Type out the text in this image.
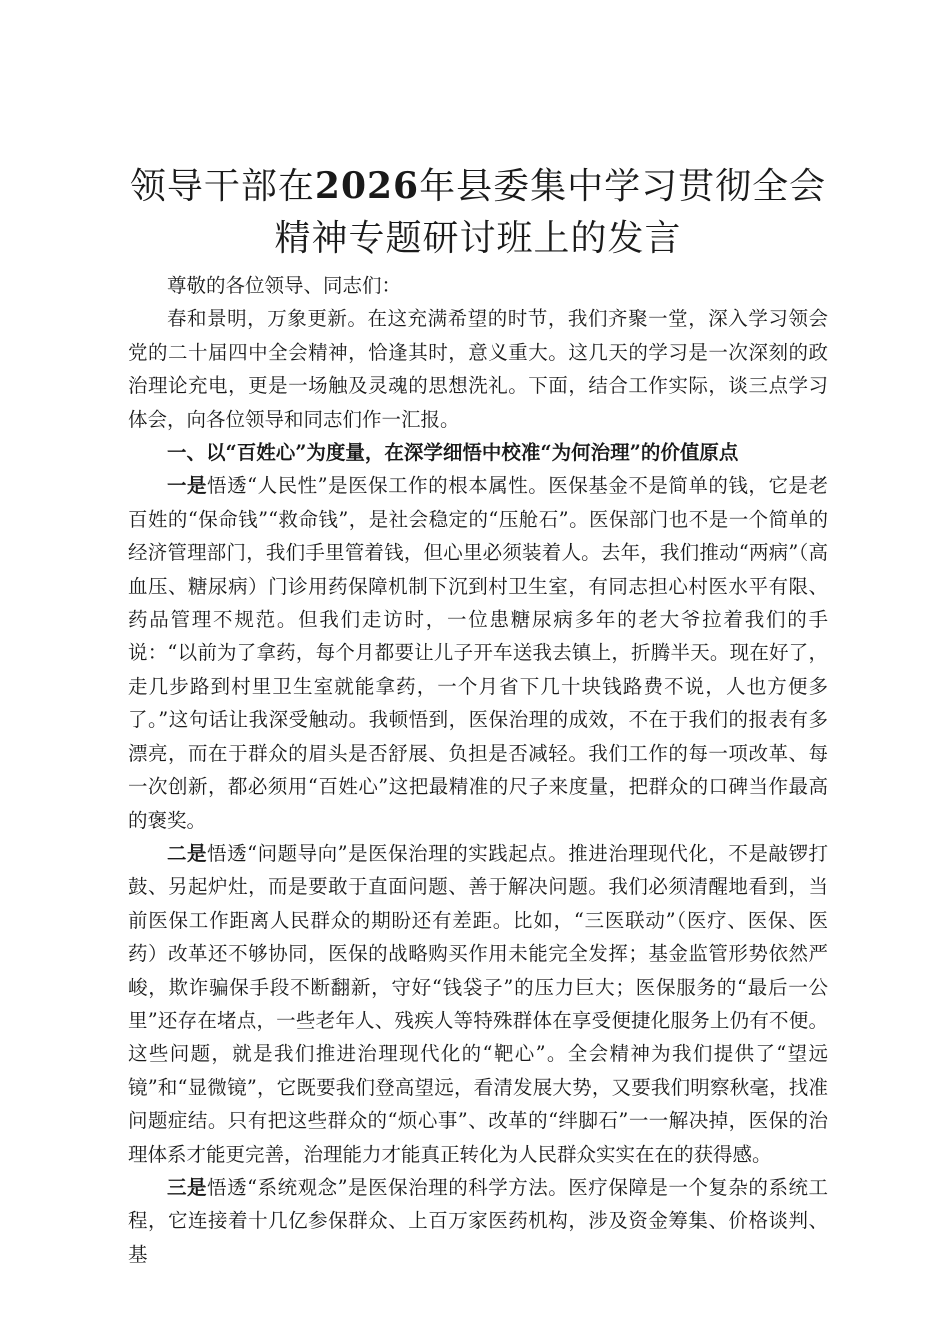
领导干部在2026年县委集中学习贯彻全会精神专题研讨班上的发言

尊敬的各位领导、同志们：

春和景明，万象更新。在这充满希望的时节，我们齐聚一堂，深入学习领会党的二十届四中全会精神，恰逢其时，意义重大。这几天的学习是一次深刻的政治理论充电，更是一场触及灵魂的思想洗礼。下面，结合工作实际，谈三点学习体会，向各位领导和同志们作一汇报。

一、以“百姓心”为度量，在深学细悟中校准“为何治理”的价值原点

一是悟透“人民性”是医保工作的根本属性。医保基金不是简单的钱，它是老百姓的“保命钱”“救命钱”，是社会稳定的“压舱石”。医保部门也不是一个简单的经济管理部门，我们手里管着钱，但心里必须装着人。去年，我们推动“两病”（高血压、糖尿病）门诊用药保障机制下沉到村卫生室，有同志担心村医水平有限、药品管理不规范。但我们走访时，一位患糖尿病多年的老大爷拉着我们的手说：“以前为了拿药，每个月都要让儿子开车送我去镇上，折腾半天。现在好了，走几步路到村里卫生室就能拿药，一个月省下几十块钱路费不说，人也方便多了。”这句话让我深受触动。我顿悟到，医保治理的成效，不在于我们的报表有多漂亮，而在于群众的眉头是否舒展、负担是否减轻。我们工作的每一项改革、每一次创新，都必须用“百姓心”这把最精准的尺子来度量，把群众的口碑当作最高的褒奖。

二是悟透“问题导向”是医保治理的实践起点。推进治理现代化，不是敲锣打鼓、另起炉灶，而是要敢于直面问题、善于解决问题。我们必须清醒地看到，当前医保工作距离人民群众的期盼还有差距。比如，“三医联动”（医疗、医保、医药）改革还不够协同，医保的战略购买作用未能完全发挥；基金监管形势依然严峻，欺诈骗保手段不断翻新，守好“钱袋子”的压力巨大；医保服务的“最后一公里”还存在堵点，一些老年人、残疾人等特殊群体在享受便捷化服务上仍有不便。这些问题，就是我们推进治理现代化的“靶心”。全会精神为我们提供了“望远镜”和“显微镜”，它既要我们登高望远，看清发展大势，又要我们明察秋毫，找准问题症结。只有把这些群众的“烦心事”、改革的“绊脚石”一一解决掉，医保的治理体系才能更完善，治理能力才能真正转化为人民群众实实在在的获得感。

三是悟透“系统观念”是医保治理的科学方法。医疗保障是一个复杂的系统工程，它连接着十几亿参保群众、上百万家医药机构，涉及资金筹集、价格谈判、基
